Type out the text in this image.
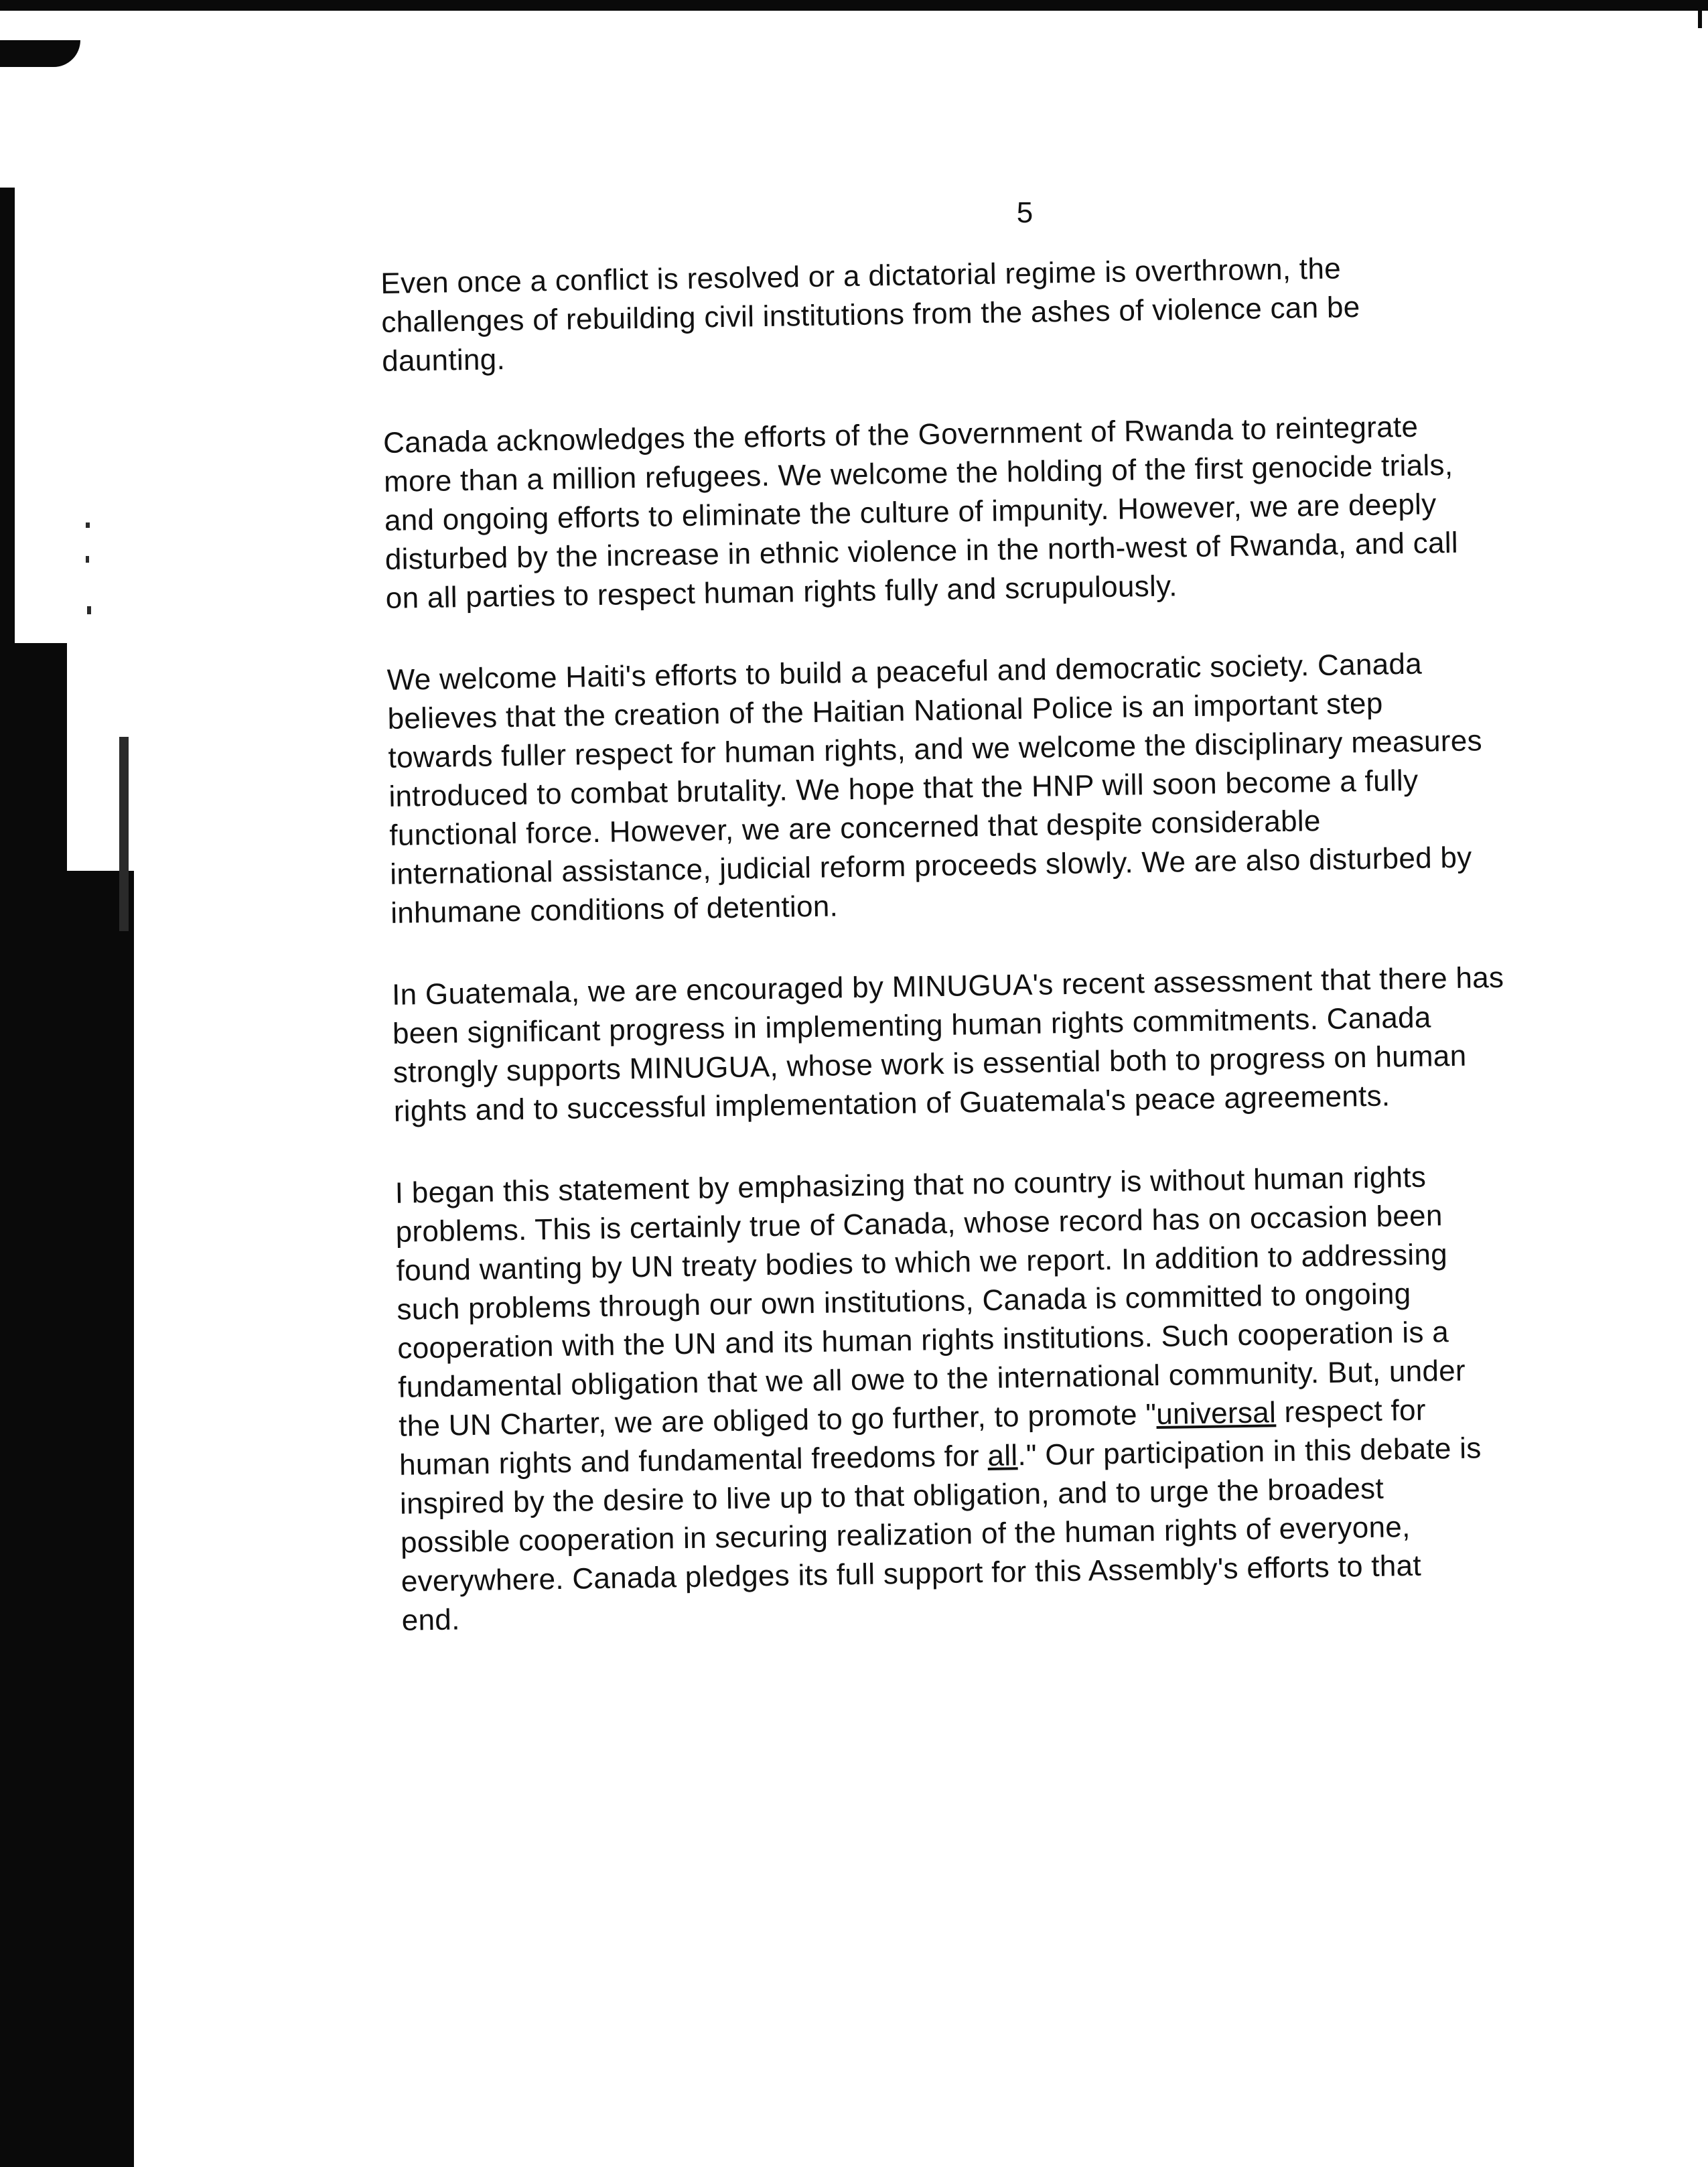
5
Even once a conflict is resolved or a dictatorial regime is overthrown, the
challenges of rebuilding civil institutions from the ashes of violence can be
daunting.
Canada acknowledges the efforts of the Government of Rwanda to reintegrate
more than a million refugees. We welcome the holding of the first genocide trials,
and ongoing efforts to eliminate the culture of impunity. However, we are deeply
disturbed by the increase in ethnic violence in the north-west of Rwanda, and call
on all parties to respect human rights fully and scrupulously.
We welcome Haiti's efforts to build a peaceful and democratic society. Canada
believes that the creation of the Haitian National Police is an important step
towards fuller respect for human rights, and we welcome the disciplinary measures
introduced to combat brutality. We hope that the HNP will soon become a fully
functional force. However, we are concerned that despite considerable
international assistance, judicial reform proceeds slowly. We are also disturbed by
inhumane conditions of detention.
In Guatemala, we are encouraged by MINUGUA's recent assessment that there has
been significant progress in implementing human rights commitments. Canada
strongly supports MINUGUA, whose work is essential both to progress on human
rights and to successful implementation of Guatemala's peace agreements.
I began this statement by emphasizing that no country is without human rights
problems. This is certainly true of Canada, whose record has on occasion been
found wanting by UN treaty bodies to which we report. In addition to addressing
such problems through our own institutions, Canada is committed to ongoing
cooperation with the UN and its human rights institutions. Such cooperation is a
fundamental obligation that we all owe to the international community. But, under
the UN Charter, we are obliged to go further, to promote "universal respect for
human rights and fundamental freedoms for all." Our participation in this debate is
inspired by the desire to live up to that obligation, and to urge the broadest
possible cooperation in securing realization of the human rights of everyone,
everywhere. Canada pledges its full support for this Assembly's efforts to that
end.
